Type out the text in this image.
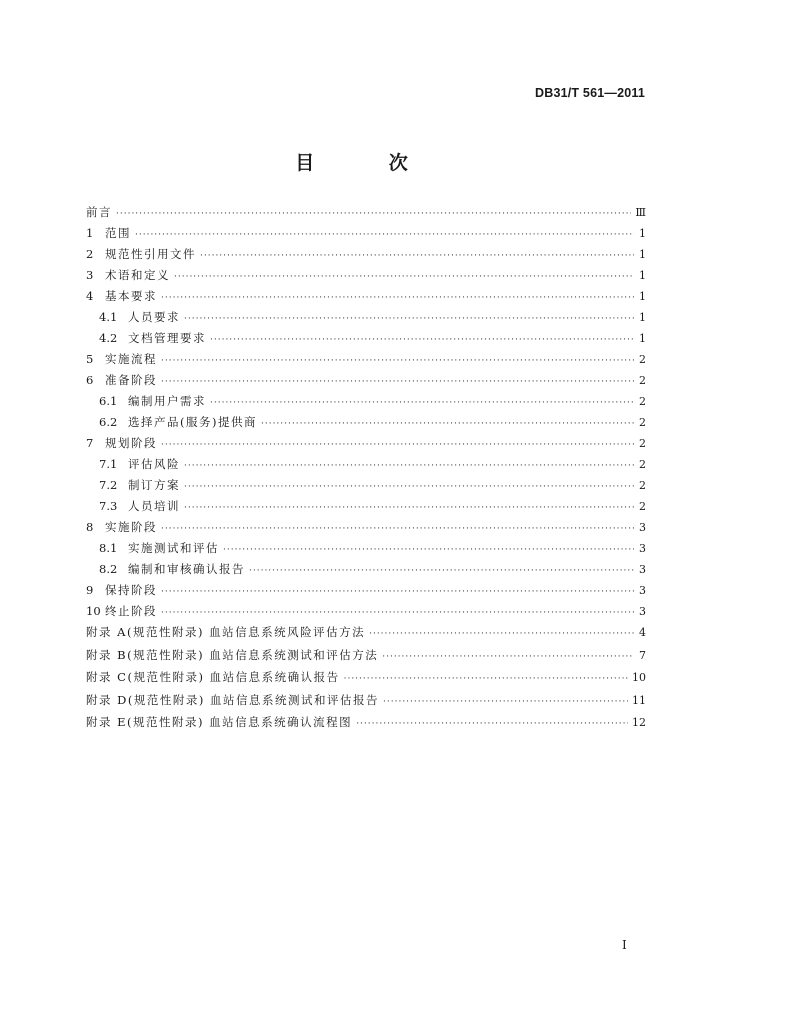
DB31/T 561—2011
目 次
前言 ·····	Ⅲ
1	范围 ·····	1
2	规范性引用文件 ·····	1
3	术语和定义 ·····	1
4	基本要求 ·····	1
4.1 人员要求 ·····	1
4.2 文档管理要求 ·····	1
5	实施流程 ·····	2
6	准备阶段 ·····	2
6.1 编制用户需求 ·····	2
6.2 选择产品(服务)提供商 ·····	2
7	规划阶段 ·····	2
7.1 评估风险 ·····	2
7.2 制订方案 ·····	2
7.3 人员培训 ·····	2
8	实施阶段 ·····	3
8.1 实施测试和评估 ·····	3
8.2 编制和审核确认报告 ·····	3
9	保持阶段 ·····	3
10 终止阶段 ·····	3
附录 A(规范性附录) 血站信息系统风险评估方法 ·····	4
附录 B(规范性附录) 血站信息系统测试和评估方法 ·····	7
附录 C(规范性附录) 血站信息系统确认报告 ·····	10
附录 D(规范性附录) 血站信息系统测试和评估报告 ·····	11
附录 E(规范性附录) 血站信息系统确认流程图 ·····	12
I
